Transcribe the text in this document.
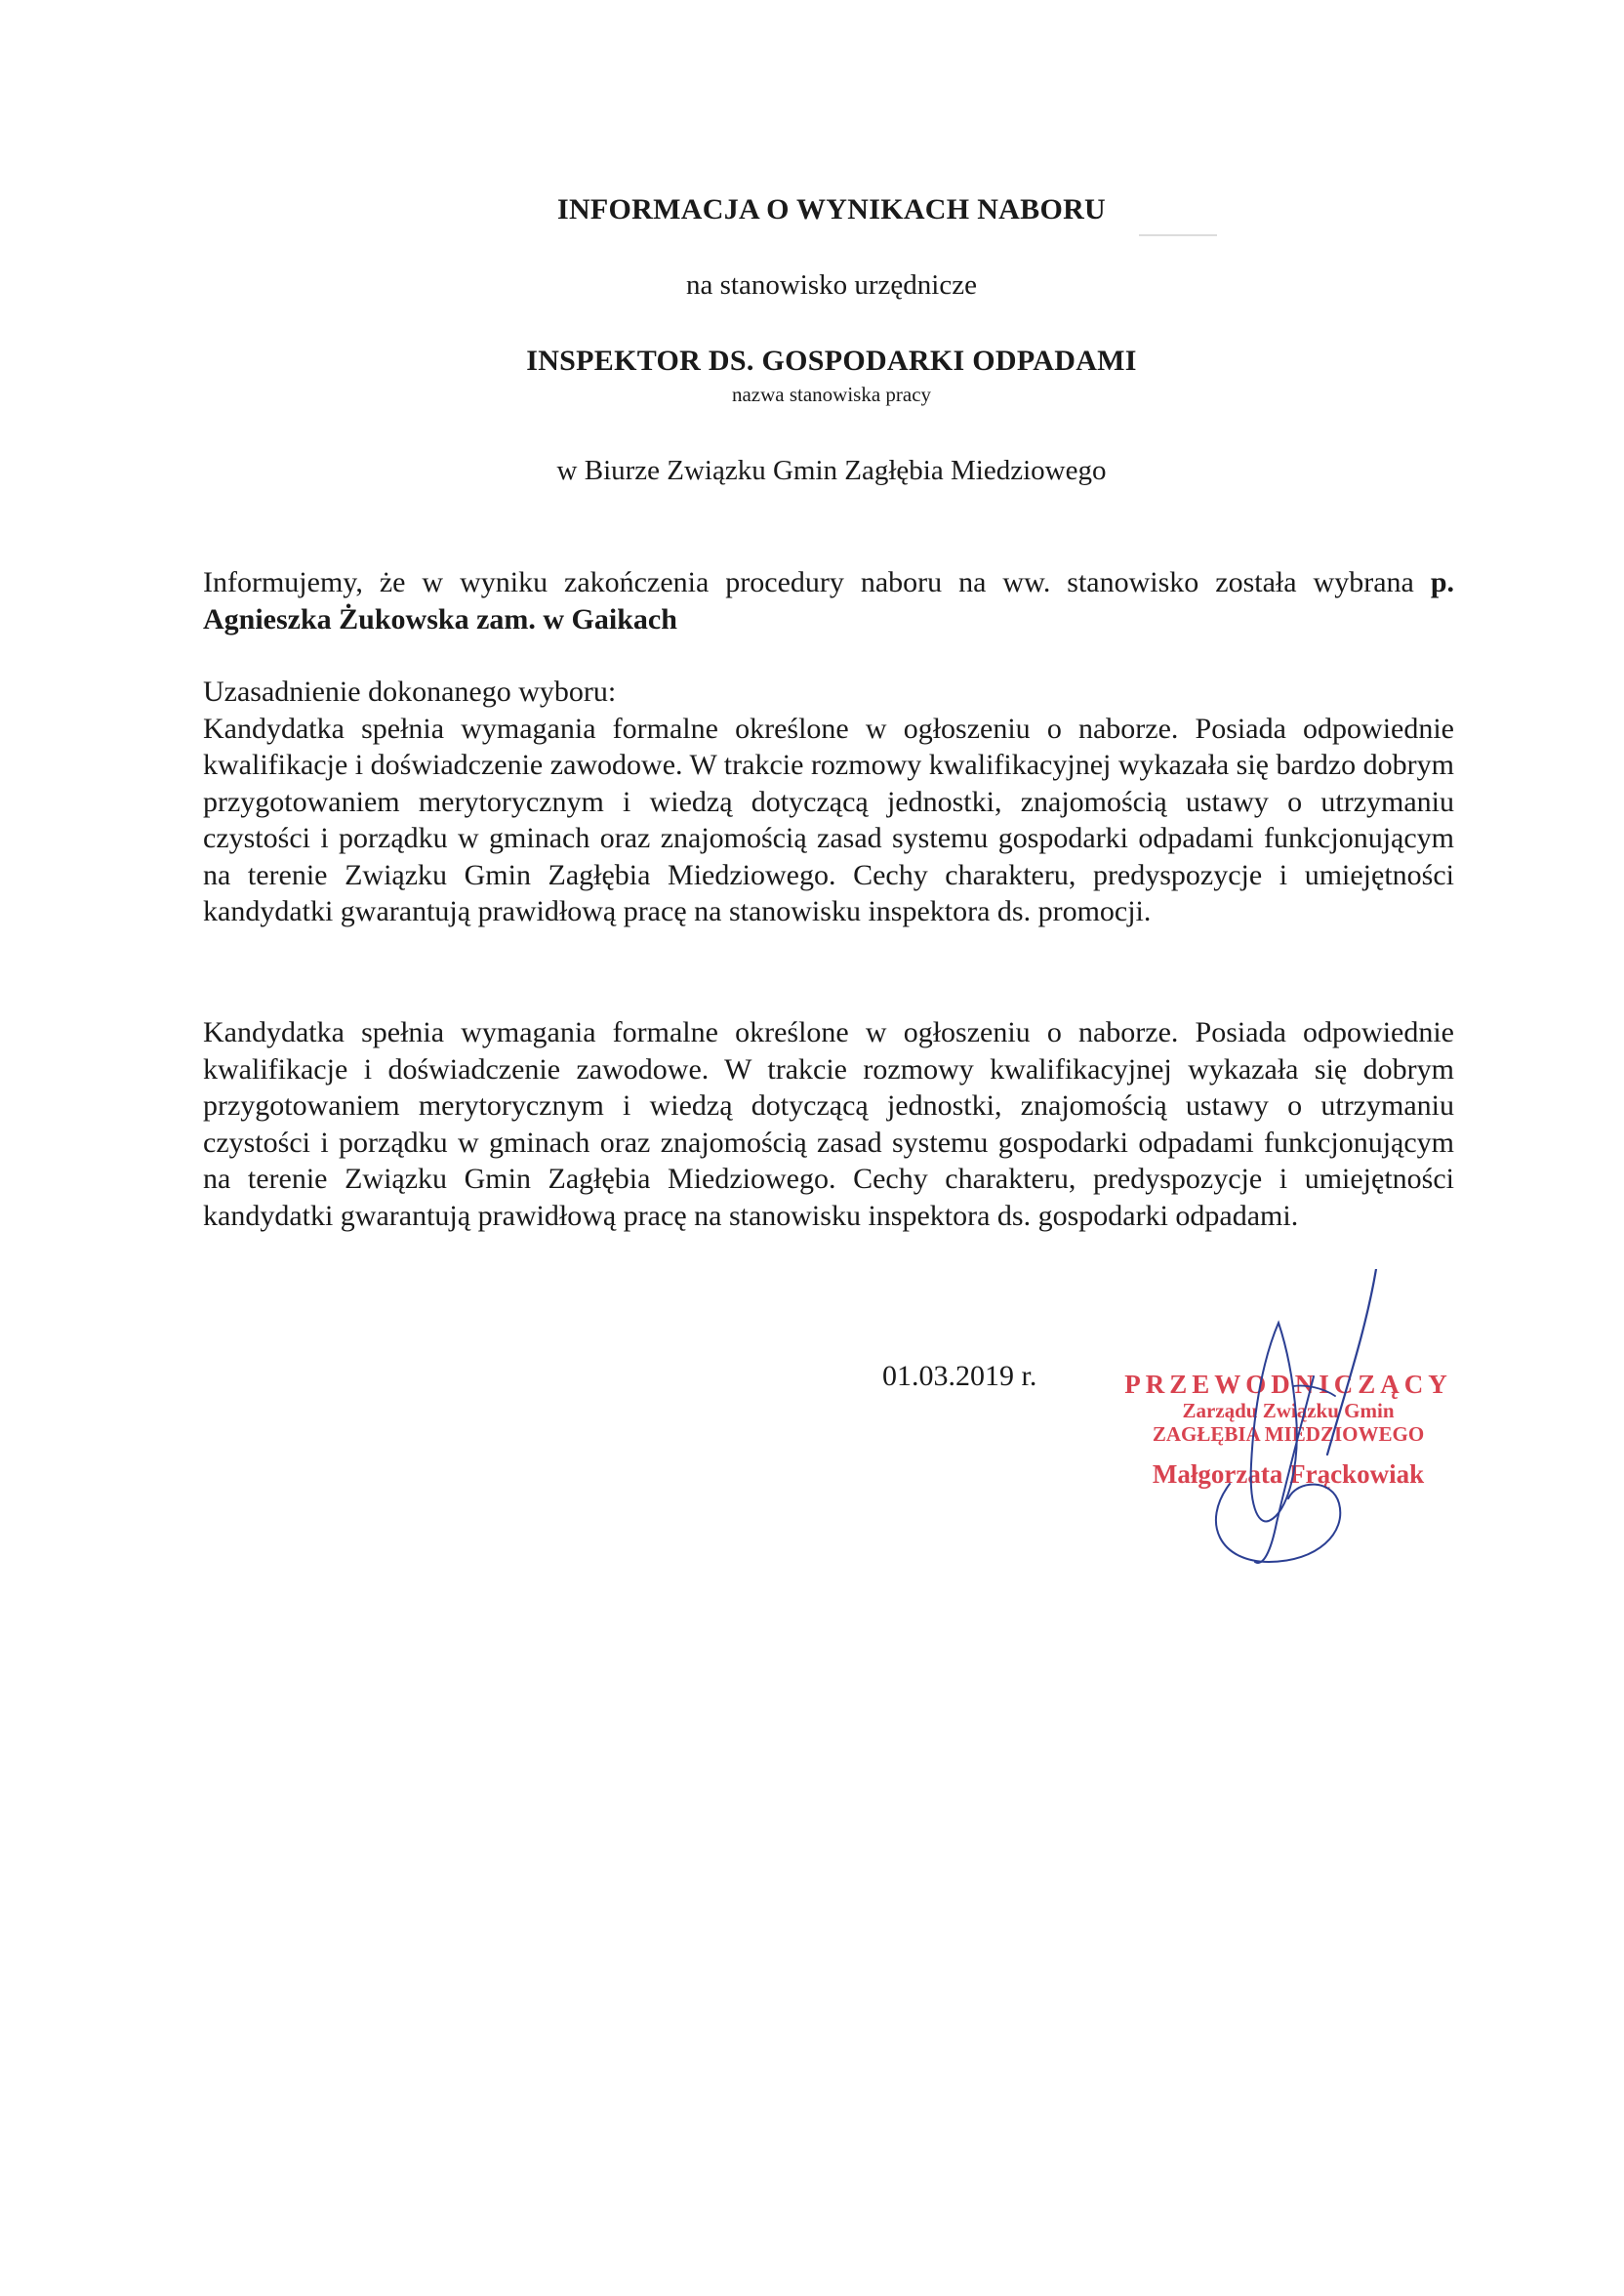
INFORMACJA O WYNIKACH NABORU
na stanowisko urzędnicze
INSPEKTOR DS. GOSPODARKI ODPADAMI
nazwa stanowiska pracy
w Biurze Związku Gmin Zagłębia Miedziowego
Informujemy, że w wyniku zakończenia procedury naboru na ww. stanowisko została wybrana p. Agnieszka Żukowska zam. w Gaikach
Uzasadnienie dokonanego wyboru:
Kandydatka spełnia wymagania formalne określone w ogłoszeniu o naborze. Posiada odpowiednie kwalifikacje i doświadczenie zawodowe. W trakcie rozmowy kwalifikacyjnej wykazała się bardzo dobrym przygotowaniem merytorycznym i wiedzą dotyczącą jednostki, znajomością ustawy o utrzymaniu czystości i porządku w gminach oraz znajomością zasad systemu gospodarki odpadami funkcjonującym na terenie Związku Gmin Zagłębia Miedziowego. Cechy charakteru, predyspozycje i umiejętności kandydatki gwarantują prawidłową pracę na stanowisku inspektora ds. promocji.
Kandydatka spełnia wymagania formalne określone w ogłoszeniu o naborze. Posiada odpowiednie kwalifikacje i doświadczenie zawodowe. W trakcie rozmowy kwalifikacyjnej wykazała się dobrym przygotowaniem merytorycznym i wiedzą dotyczącą jednostki, znajomością ustawy o utrzymaniu czystości i porządku w gminach oraz znajomością zasad systemu gospodarki odpadami funkcjonującym na terenie Związku Gmin Zagłębia Miedziowego. Cechy charakteru, predyspozycje i umiejętności kandydatki gwarantują prawidłową pracę na stanowisku inspektora ds. gospodarki odpadami.
01.03.2019 r.	PRZEWODNICZĄCY
Zarządu Związku Gmin
ZAGŁĘBIA MIEDZIOWEGO
Małgorzata Frąckowiak
